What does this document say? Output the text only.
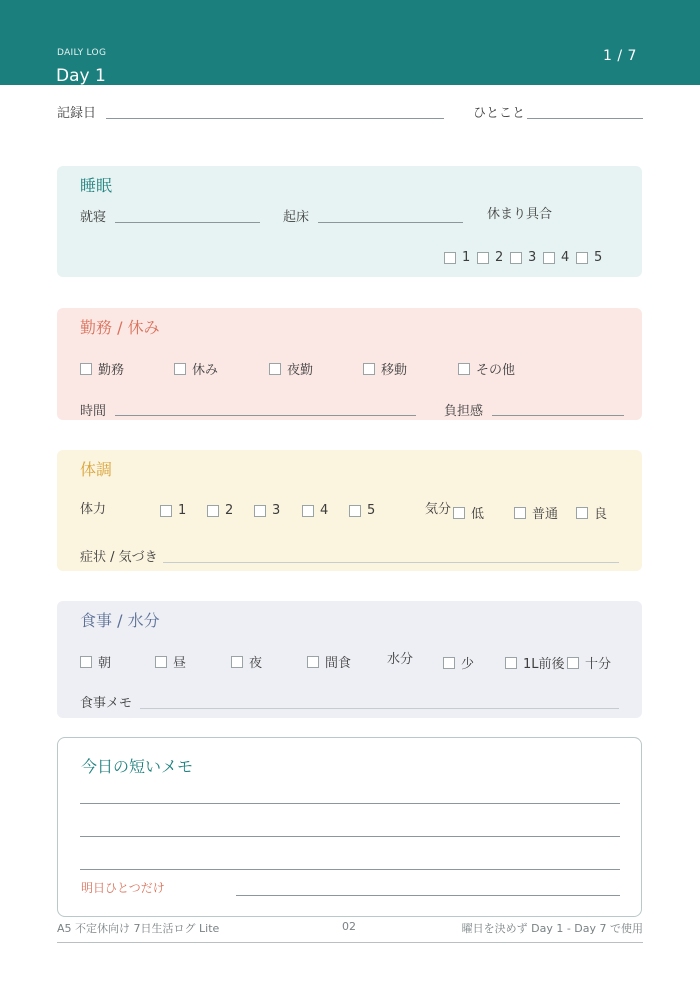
DAILY LOG
Day 1
1 / 7
記録日	ひとこと
睡眠
就寝	起床	休まり具合
1 2 3 4 5
勤務 / 休み
勤務	休み	夜勤	移動	その他
時間	負担感
体調
体力	1	2	3	4	5	気分 低	普通	良
症状 / 気づき
食事 / 水分
朝	昼	夜	間食	水分	少	1L前後 十分
食事メモ
今日の短いメモ
明日ひとつだけ
A5 不定休向け 7日生活ログ Lite	02	曜日を決めず Day 1 - Day 7 で使用
